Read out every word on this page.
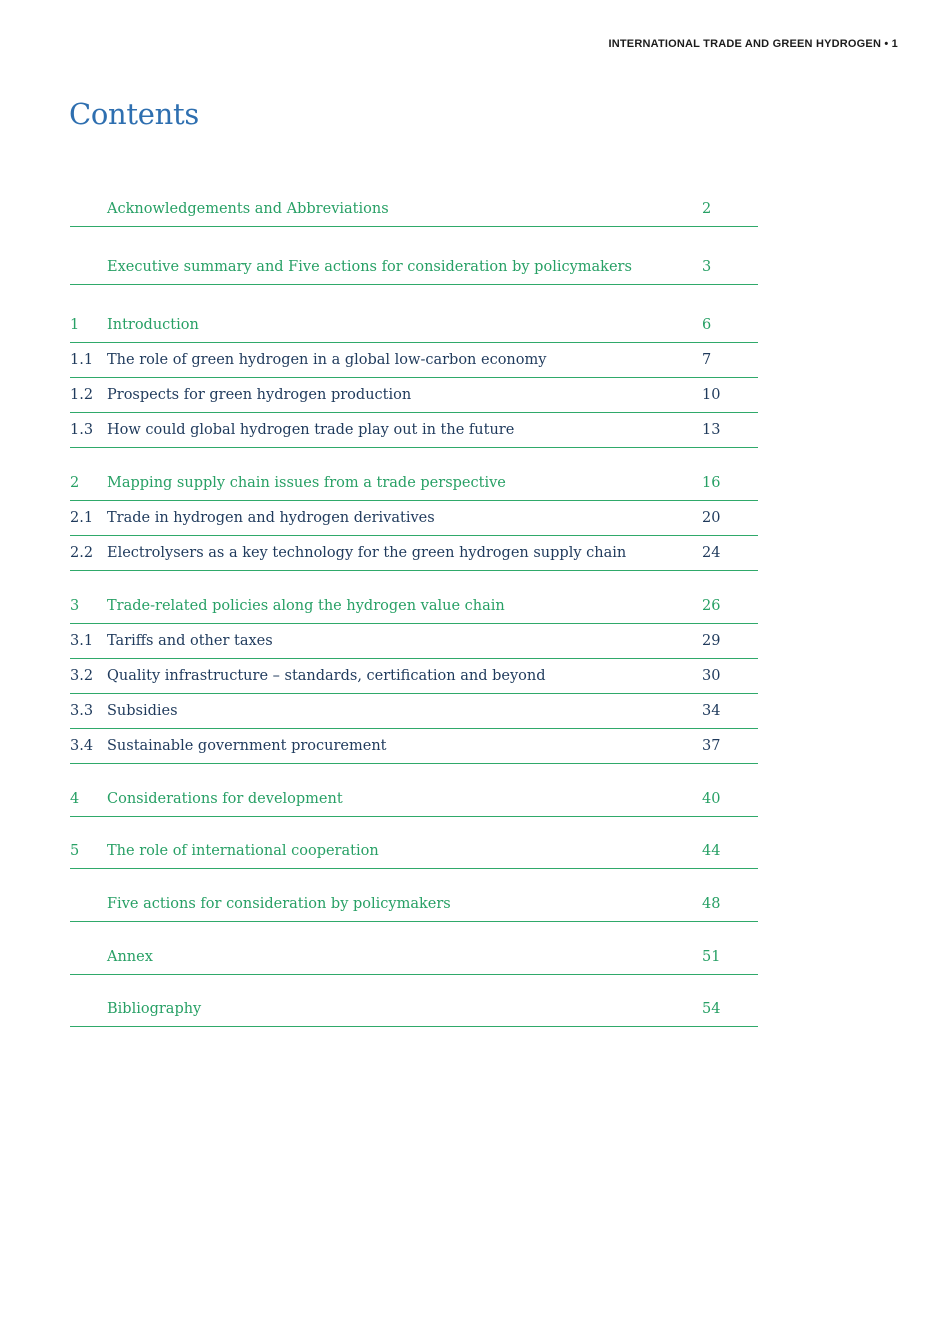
INTERNATIONAL TRADE AND GREEN HYDROGEN • 1
Contents
Acknowledgements and Abbreviations	2
Executive summary and Five actions for consideration by policymakers	3
1 Introduction	6
1.1 The role of green hydrogen in a global low-carbon economy	7
1.2 Prospects for green hydrogen production	10
1.3 How could global hydrogen trade play out in the future	13
2 Mapping supply chain issues from a trade perspective	16
2.1 Trade in hydrogen and hydrogen derivatives	20
2.2 Electrolysers as a key technology for the green hydrogen supply chain	24
3 Trade-related policies along the hydrogen value chain	26
3.1 Tariffs and other taxes	29
3.2 Quality infrastructure – standards, certification and beyond	30
3.3 Subsidies	34
3.4 Sustainable government procurement	37
4 Considerations for development	40
5 The role of international cooperation	44
Five actions for consideration by policymakers	48
Annex	51
Bibliography	54
